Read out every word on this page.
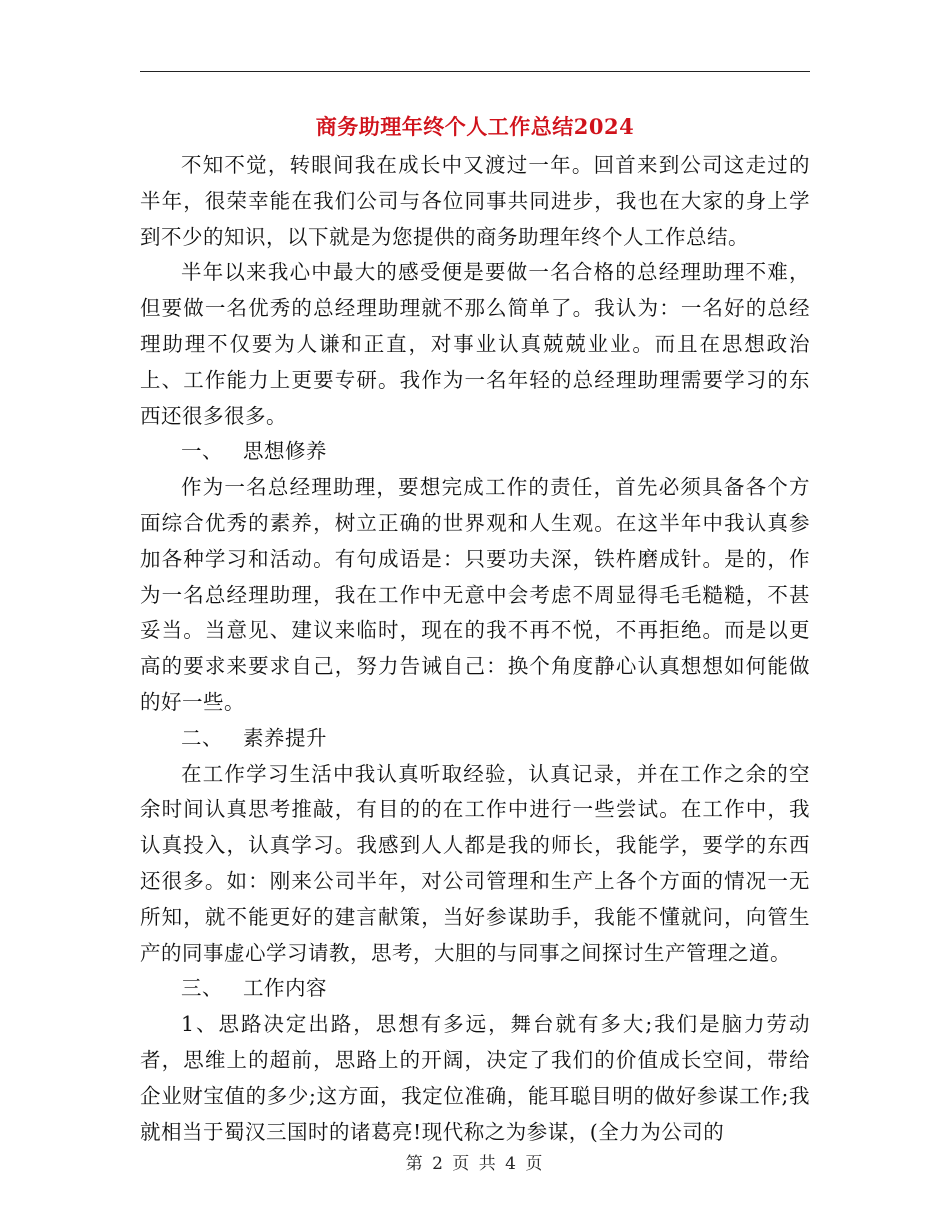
商务助理年终个人工作总结2024

不知不觉，转眼间我在成长中又渡过一年。回首来到公司这走过的半年，很荣幸能在我们公司与各位同事共同进步，我也在大家的身上学到不少的知识，以下就是为您提供的商务助理年终个人工作总结。

半年以来我心中最大的感受便是要做一名合格的总经理助理不难，但要做一名优秀的总经理助理就不那么简单了。我认为：一名好的总经理助理不仅要为人谦和正直，对事业认真兢兢业业。而且在思想政治上、工作能力上更要专研。我作为一名年轻的总经理助理需要学习的东西还很多很多。

一、 思想修养

作为一名总经理助理，要想完成工作的责任，首先必须具备各个方面综合优秀的素养，树立正确的世界观和人生观。在这半年中我认真参加各种学习和活动。有句成语是：只要功夫深，铁杵磨成针。是的，作为一名总经理助理，我在工作中无意中会考虑不周显得毛毛糙糙，不甚妥当。当意见、建议来临时，现在的我不再不悦，不再拒绝。而是以更高的要求来要求自己，努力告诫自己：换个角度静心认真想想如何能做的好一些。

二、 素养提升

在工作学习生活中我认真听取经验，认真记录，并在工作之余的空余时间认真思考推敲，有目的的在工作中进行一些尝试。在工作中，我认真投入，认真学习。我感到人人都是我的师长，我能学，要学的东西还很多。如：刚来公司半年，对公司管理和生产上各个方面的情况一无所知，就不能更好的建言献策，当好参谋助手，我能不懂就问，向管生产的同事虚心学习请教，思考，大胆的与同事之间探讨生产管理之道。

三、 工作内容

1、思路决定出路，思想有多远，舞台就有多大;我们是脑力劳动者，思维上的超前，思路上的开阔，决定了我们的价值成长空间，带给企业财宝值的多少;这方面，我定位准确，能耳聪目明的做好参谋工作;我就相当于蜀汉三国时的诸葛亮!现代称之为参谋，(全力为公司的

第 2 页 共 4 页
